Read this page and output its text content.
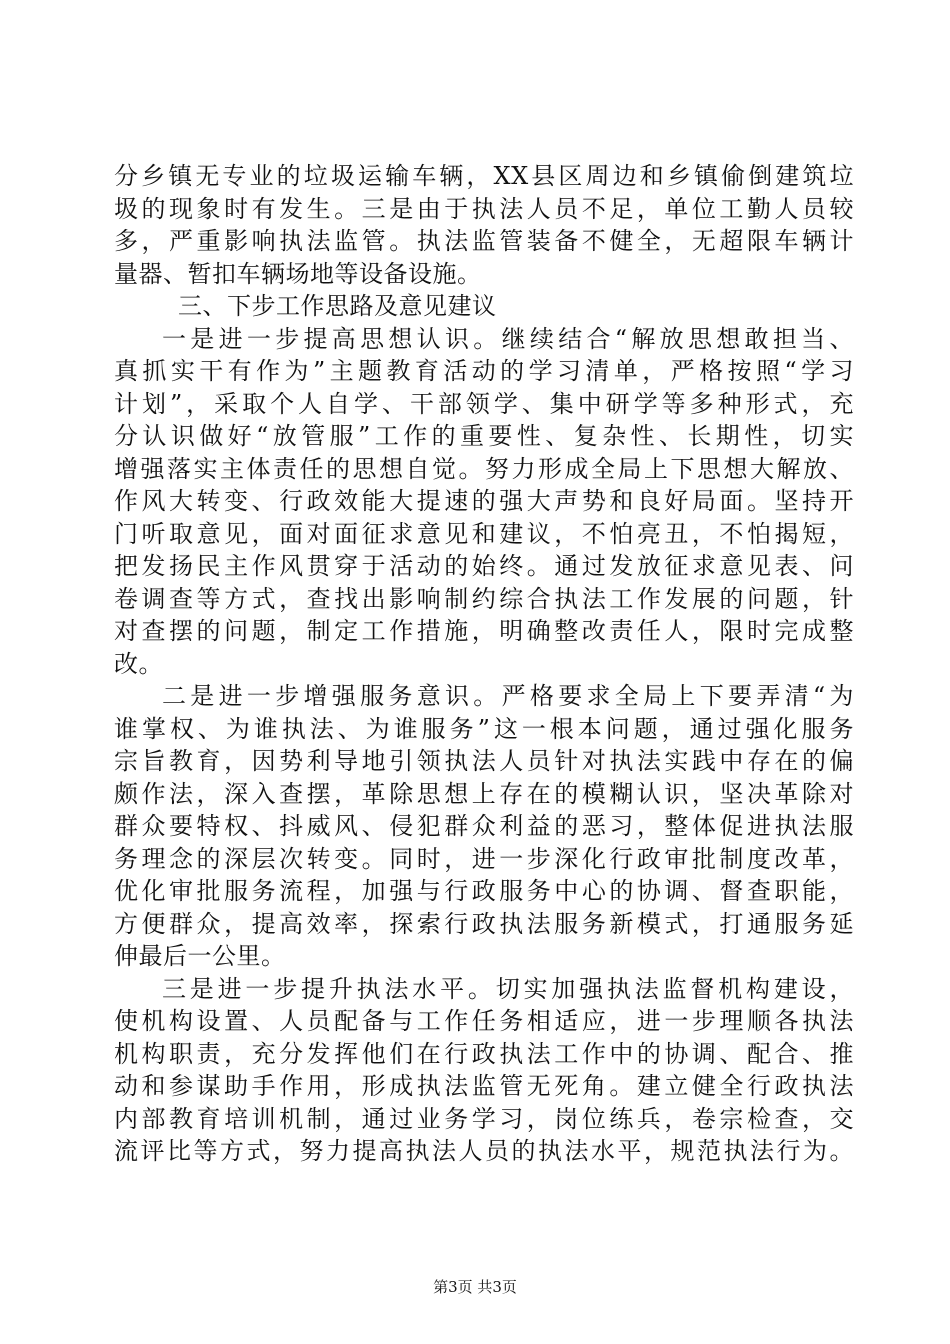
分乡镇无专业的垃圾运输车辆，XX县区周边和乡镇偷倒建筑垃
圾的现象时有发生。三是由于执法人员不足，单位工勤人员较
多，严重影响执法监管。执法监管装备不健全，无超限车辆计
量器、暂扣车辆场地等设备设施。
三、下步工作思路及意见建议
一是进一步提高思想认识。继续结合“解放思想敢担当、
真抓实干有作为”主题教育活动的学习清单，严格按照“学习
计划”，采取个人自学、干部领学、集中研学等多种形式，充
分认识做好“放管服”工作的重要性、复杂性、长期性，切实
增强落实主体责任的思想自觉。努力形成全局上下思想大解放、
作风大转变、行政效能大提速的强大声势和良好局面。坚持开
门听取意见，面对面征求意见和建议，不怕亮丑，不怕揭短，
把发扬民主作风贯穿于活动的始终。通过发放征求意见表、问
卷调查等方式，查找出影响制约综合执法工作发展的问题，针
对查摆的问题，制定工作措施，明确整改责任人，限时完成整
改。
二是进一步增强服务意识。严格要求全局上下要弄清“为
谁掌权、为谁执法、为谁服务”这一根本问题，通过强化服务
宗旨教育，因势利导地引领执法人员针对执法实践中存在的偏
颇作法，深入查摆，革除思想上存在的模糊认识，坚决革除对
群众要特权、抖威风、侵犯群众利益的恶习，整体促进执法服
务理念的深层次转变。同时，进一步深化行政审批制度改革，
优化审批服务流程，加强与行政服务中心的协调、督查职能，
方便群众，提高效率，探索行政执法服务新模式，打通服务延
伸最后一公里。
三是进一步提升执法水平。切实加强执法监督机构建设，
使机构设置、人员配备与工作任务相适应，进一步理顺各执法
机构职责，充分发挥他们在行政执法工作中的协调、配合、推
动和参谋助手作用，形成执法监管无死角。建立健全行政执法
内部教育培训机制，通过业务学习，岗位练兵，卷宗检查，交
流评比等方式，努力提高执法人员的执法水平，规范执法行为。
第3页 共3页
